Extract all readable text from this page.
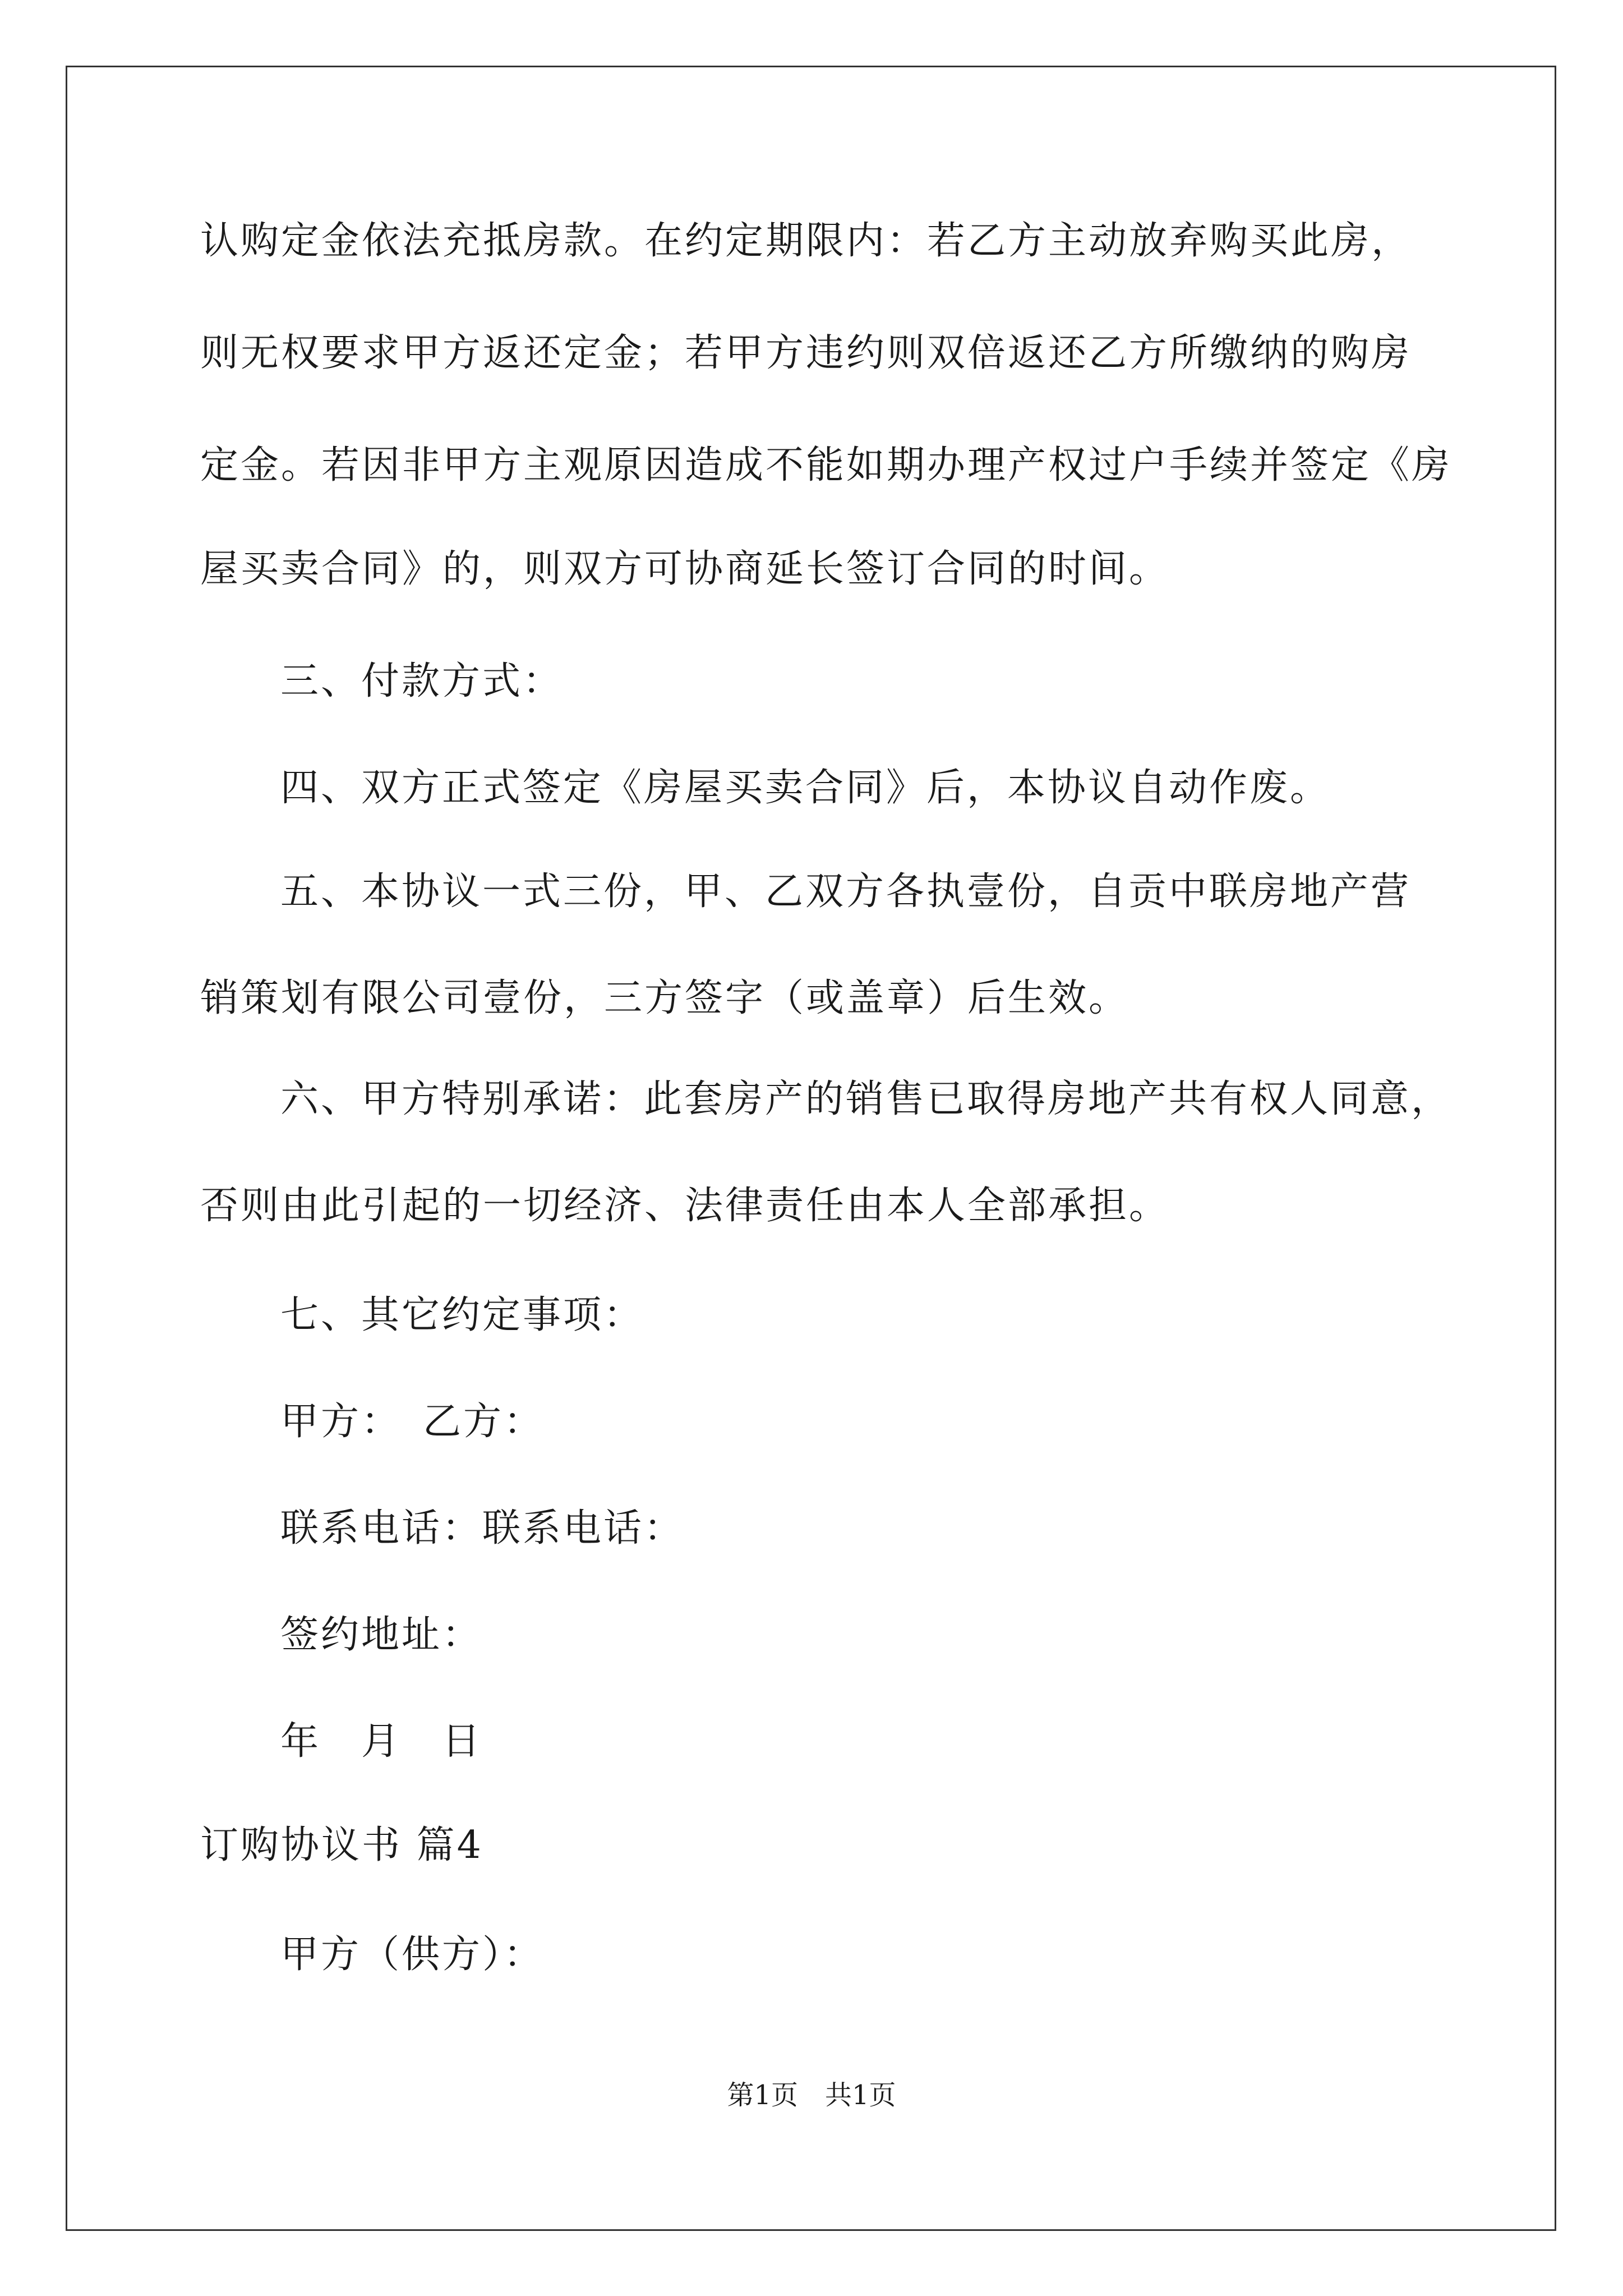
认购定金依法充抵房款。在约定期限内：若乙方主动放弃购买此房，
则无权要求甲方返还定金；若甲方违约则双倍返还乙方所缴纳的购房
定金。若因非甲方主观原因造成不能如期办理产权过户手续并签定《房
屋买卖合同》的，则双方可协商延长签订合同的时间。
三、付款方式：
四、双方正式签定《房屋买卖合同》后，本协议自动作废。
五、本协议一式三份，甲、乙双方各执壹份，自贡中联房地产营
销策划有限公司壹份，三方签字（或盖章）后生效。
六、甲方特别承诺：此套房产的销售已取得房地产共有权人同意，
否则由此引起的一切经济、法律责任由本人全部承担。
七、其它约定事项：
甲方：　乙方：
联系电话：联系电话：
签约地址：
年　月　日
订购协议书 篇4
甲方（供方）：
第1页　共1页
